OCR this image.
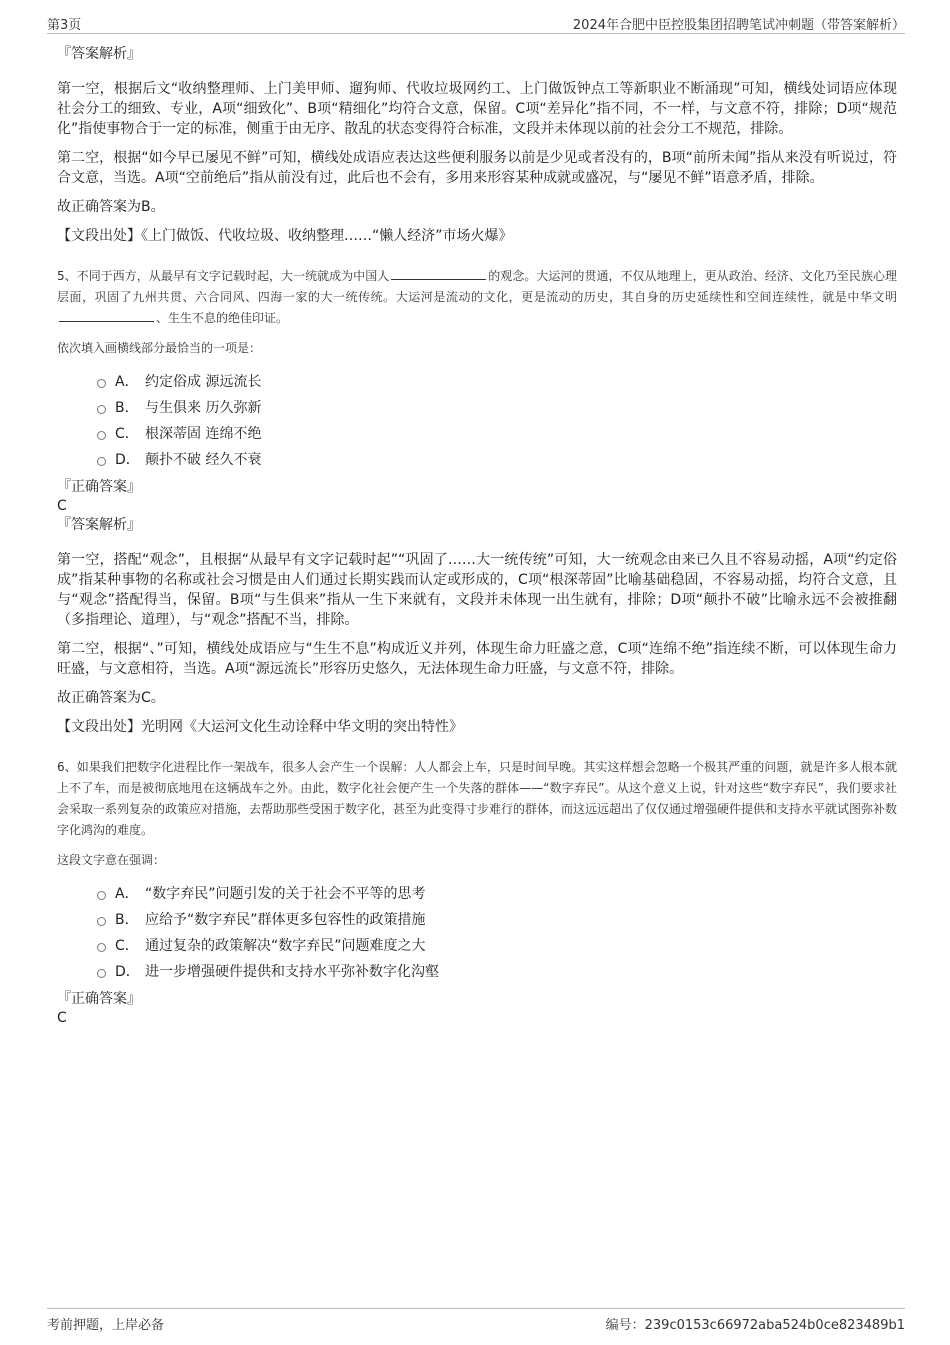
第3页	2024年合肥中臣控股集团招聘笔试冲刺题（带答案解析）
『答案解析』
第一空，根据后文“收纳整理师、上门美甲师、遛狗师、代收垃圾网约工、上门做饭钟点工等新职业不断涌现”可知，横线处词语应体现社会分工的细致、专业，A项“细致化”、B项“精细化”均符合文意，保留。C项“差异化”指不同，不一样，与文意不符，排除；D项“规范化”指使事物合于一定的标准，侧重于由无序、散乱的状态变得符合标准，文段并未体现以前的社会分工不规范，排除。
第二空，根据“如今早已屡见不鲜”可知，横线处成语应表达这些便利服务以前是少见或者没有的，B项“前所未闻”指从来没有听说过，符合文意，当选。A项“空前绝后”指从前没有过，此后也不会有，多用来形容某种成就或盛况，与“屡见不鲜”语意矛盾，排除。
故正确答案为B。
【文段出处】《上门做饭、代收垃圾、收纳整理……“懒人经济”市场火爆》
5、不同于西方，从最早有文字记载时起，大一统就成为中国人	的观念。大运河的贯通，不仅从地理上，更从政治、经济、文化乃至民族心理层面，巩固了九州共贯、六合同风、四海一家的大一统传统。大运河是流动的文化，更是流动的历史，其自身的历史延续性和空间连续性，就是中华文明、生生不息的绝佳印证。
依次填入画横线部分最恰当的一项是：
A． 约定俗成 源远流长
B． 与生俱来 历久弥新
C． 根深蒂固 连绵不绝
D． 颠扑不破 经久不衰
『正确答案』
C
『答案解析』
第一空，搭配“观念”，且根据“从最早有文字记载时起”“巩固了……大一统传统”可知，大一统观念由来已久且不容易动摇，A项“约定俗成”指某种事物的名称或社会习惯是由人们通过长期实践而认定或形成的，C项“根深蒂固”比喻基础稳固，不容易动摇，均符合文意，且与“观念”搭配得当，保留。B项“与生俱来”指从一生下来就有，文段并未体现一出生就有，排除；D项“颠扑不破”比喻永远不会被推翻（多指理论、道理），与“观念”搭配不当，排除。
第二空，根据“、”可知，横线处成语应与“生生不息”构成近义并列，体现生命力旺盛之意，C项“连绵不绝”指连续不断，可以体现生命力旺盛，与文意相符，当选。A项“源远流长”形容历史悠久，无法体现生命力旺盛，与文意不符，排除。
故正确答案为C。
【文段出处】光明网《大运河文化生动诠释中华文明的突出特性》
6、如果我们把数字化进程比作一架战车，很多人会产生一个误解：人人都会上车，只是时间早晚。其实这样想会忽略一个极其严重的问题，就是许多人根本就上不了车，而是被彻底地甩在这辆战车之外。由此，数字化社会便产生一个失落的群体——“数字弃民”。从这个意义上说，针对这些“数字弃民”，我们要求社会采取一系列复杂的政策应对措施，去帮助那些受困于数字化，甚至为此变得寸步难行的群体，而这远远超出了仅仅通过增强硬件提供和支持水平就试图弥补数字化鸿沟的难度。
这段文字意在强调：
A． “数字弃民”问题引发的关于社会不平等的思考
B． 应给予“数字弃民”群体更多包容性的政策措施
C． 通过复杂的政策解决“数字弃民”问题难度之大
D． 进一步增强硬件提供和支持水平弥补数字化沟壑
『正确答案』
C
考前押题，上岸必备	编号：239c0153c66972aba524b0ce823489b1
